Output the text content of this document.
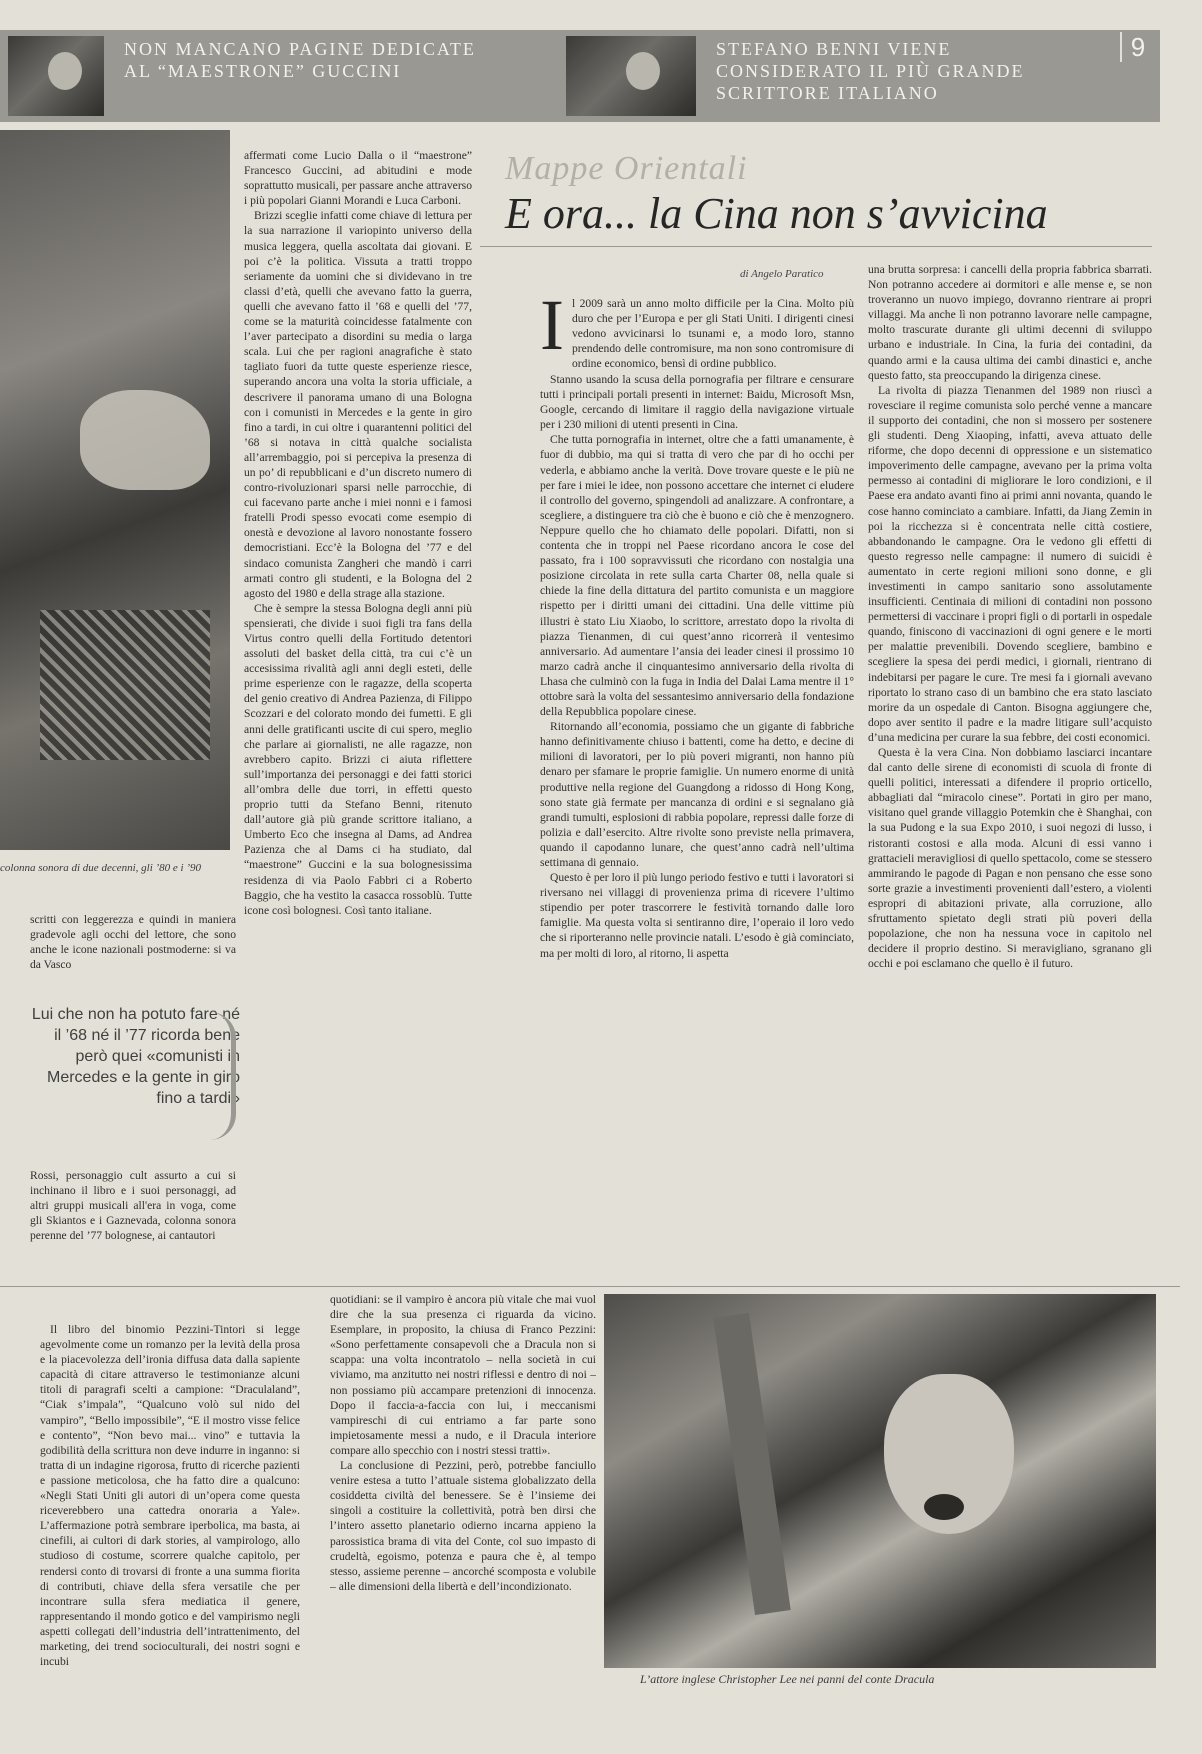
NON MANCANO PAGINE DEDICATE AL “MAESTRONE” GUCCINI
STEFANO BENNI VIENE CONSIDERATO IL PIÙ GRANDE SCRITTORE ITALIANO
9
colonna sonora di due decenni, gli ’80 e i ’90

scritti con leggerezza e quindi in maniera gradevole agli occhi del lettore, che sono anche le icone nazionali postmoderne: si va da Vasco

Lui che non ha potuto fare né il ’68 né il ’77 ricorda bene però quei «comunisti in Mercedes e la gente in giro fino a tardi»

Rossi, personaggio cult assurto a cui si inchinano il libro e i suoi personaggi, ad altri gruppi musicali all'era in voga, come gli Skiantos e i Gaznevada, colonna sonora perenne del ’77 bolognese, ai cantautori

affermati come Lucio Dalla o il “maestrone” Francesco Guccini, ad abitudini e mode soprattutto musicali, per passare anche attraverso i più popolari Gianni Morandi e Luca Carboni.

Brizzi sceglie infatti come chiave di lettura per la sua narrazione il variopinto universo della musica leggera, quella ascoltata dai giovani. E poi c’è la politica. Vissuta a tratti troppo seriamente da uomini che si dividevano in tre classi d’età, quelli che avevano fatto la guerra, quelli che avevano fatto il ’68 e quelli del ’77, come se la maturità coincidesse fatalmente con l’aver partecipato a disordini su media o larga scala. Lui che per ragioni anagrafiche è stato tagliato fuori da tutte queste esperienze riesce, superando ancora una volta la storia ufficiale, a descrivere il panorama umano di una Bologna con i comunisti in Mercedes e la gente in giro fino a tardi, in cui oltre i quarantenni politici del ’68 si notava in città qualche socialista all’arrembaggio, poi si percepiva la presenza di un po’ di repubblicani e d’un discreto numero di contro-rivoluzionari sparsi nelle parrocchie, di cui facevano parte anche i miei nonni e i famosi fratelli Prodi spesso evocati come esempio di onestà e devozione al lavoro nonostante fossero democristiani. Ecc’è la Bologna del ’77 e del sindaco comunista Zangheri che mandò i carri armati contro gli studenti, e la Bologna del 2 agosto del 1980 e della strage alla stazione.

Che è sempre la stessa Bologna degli anni più spensierati, che divide i suoi figli tra fans della Virtus contro quelli della Fortitudo detentori assoluti del basket della città, tra cui c’è un accesissima rivalità agli anni degli esteti, delle prime esperienze con le ragazze, della scoperta del genio creativo di Andrea Pazienza, di Filippo Scozzari e del colorato mondo dei fumetti. E gli anni delle gratificanti uscite di cui spero, meglio che parlare ai giornalisti, ne alle ragazze, non avrebbero capito. Brizzi ci aiuta riflettere sull’importanza dei personaggi e dei fatti storici all’ombra delle due torri, in effetti questo proprio tutti da Stefano Benni, ritenuto dall’autore già più grande scrittore italiano, a Umberto Eco che insegna al Dams, ad Andrea Pazienza che al Dams ci ha studiato, dal “maestrone” Guccini e la sua bolognesissima residenza di via Paolo Fabbri ci a Roberto Baggio, che ha vestito la casacca rossoblù. Tutte icone così bolognesi. Così tanto italiane.

Mappe Orientali
E ora... la Cina non s’avvicina
di Angelo Paratico
I l 2009 sarà un anno molto difficile per la Cina. Molto più duro che per l’Europa e per gli Stati Uniti. I dirigenti cinesi vedono avvicinarsi lo tsunami e, a modo loro, stanno prendendo delle contromisure, ma non sono contromisure di ordine economico, bensì di ordine pubblico.

Stanno usando la scusa della pornografia per filtrare e censurare tutti i principali portali presenti in internet: Baidu, Microsoft Msn, Google, cercando di limitare il raggio della navigazione virtuale per i 230 milioni di utenti presenti in Cina.

Che tutta pornografia in internet, oltre che a fatti umanamente, è fuor di dubbio, ma qui si tratta di vero che par di ho occhi per vederla, e abbiamo anche la verità. Dove trovare queste e le più ne per fare i miei le idee, non possono accettare che internet ci eludere il controllo del governo, spingendoli ad analizzare. A confrontare, a scegliere, a distinguere tra ciò che è buono e ciò che è menzognero. Neppure quello che ho chiamato delle popolari. Difatti, non si contenta che in troppi nel Paese ricordano ancora le cose del passato, fra i 100 sopravvissuti che ricordano con nostalgia una posizione circolata in rete sulla carta Charter 08, nella quale si chiede la fine della dittatura del partito comunista e un maggiore rispetto per i diritti umani dei cittadini. Una delle vittime più illustri è stato Liu Xiaobo, lo scrittore, arrestato dopo la rivolta di piazza Tienanmen, di cui quest’anno ricorrerà il ventesimo anniversario. Ad aumentare l’ansia dei leader cinesi il prossimo 10 marzo cadrà anche il cinquantesimo anniversario della rivolta di Lhasa che culminò con la fuga in India del Dalai Lama mentre il 1° ottobre sarà la volta del sessantesimo anniversario della fondazione della Repubblica popolare cinese.

Ritornando all’economia, possiamo che un gigante di fabbriche hanno definitivamente chiuso i battenti, come ha detto, e decine di milioni di lavoratori, per lo più poveri migranti, non hanno più denaro per sfamare le proprie famiglie. Un numero enorme di unità produttive nella regione del Guangdong a ridosso di Hong Kong, sono state già fermate per mancanza di ordini e si segnalano già grandi tumulti, esplosioni di rabbia popolare, repressi dalle forze di polizia e dall’esercito. Altre rivolte sono previste nella primavera, quando il capodanno lunare, che quest’anno cadrà nell’ultima settimana di gennaio.

Questo è per loro il più lungo periodo festivo e tutti i lavoratori si riversano nei villaggi di provenienza prima di ricevere l’ultimo stipendio per poter trascorrere le festività tornando dalle loro famiglie. Ma questa volta si sentiranno dire, l’operaio il loro vedo che si riporteranno nelle provincie natali. L’esodo è già cominciato, ma per molti di loro, al ritorno, li aspetta

una brutta sorpresa: i cancelli della propria fabbrica sbarrati. Non potranno accedere ai dormitori e alle mense e, se non troveranno un nuovo impiego, dovranno rientrare ai propri villaggi. Ma anche lì non potranno lavorare nelle campagne, molto trascurate durante gli ultimi decenni di sviluppo urbano e industriale. In Cina, la furia dei contadini, da quando armi e la causa ultima dei cambi dinastici e, anche questo fatto, sta preoccupando la dirigenza cinese.

La rivolta di piazza Tienanmen del 1989 non riuscì a rovesciare il regime comunista solo perché venne a mancare il supporto dei contadini, che non si mossero per sostenere gli studenti. Deng Xiaoping, infatti, aveva attuato delle riforme, che dopo decenni di oppressione e un sistematico impoverimento delle campagne, avevano per la prima volta permesso ai contadini di migliorare le loro condizioni, e il Paese era andato avanti fino ai primi anni novanta, quando le cose hanno cominciato a cambiare. Infatti, da Jiang Zemin in poi la ricchezza si è concentrata nelle città costiere, abbandonando le campagne. Ora le vedono gli effetti di questo regresso nelle campagne: il numero di suicidi è aumentato in certe regioni milioni sono donne, e gli investimenti in campo sanitario sono assolutamente insufficienti. Centinaia di milioni di contadini non possono permettersi di vaccinare i propri figli o di portarli in ospedale quando, finiscono di vaccinazioni di ogni genere e le morti per malattie prevenibili. Dovendo scegliere, bambino e scegliere la spesa dei perdi medici, i giornali, rientrano di indebitarsi per pagare le cure. Tre mesi fa i giornali avevano riportato lo strano caso di un bambino che era stato lasciato morire da un ospedale di Canton. Bisogna aggiungere che, dopo aver sentito il padre e la madre litigare sull’acquisto d’una medicina per curare la sua febbre, dei costi economici.

Questa è la vera Cina. Non dobbiamo lasciarci incantare dal canto delle sirene di economisti di scuola di fronte di quelli politici, interessati a difendere il proprio orticello, abbagliati dal “miracolo cinese”. Portati in giro per mano, visitano quel grande villaggio Potemkin che è Shanghai, con la sua Pudong e la sua Expo 2010, i suoi negozi di lusso, i ristoranti costosi e alla moda. Alcuni di essi vanno i grattacieli meravigliosi di quello spettacolo, come se stessero ammirando le pagode di Pagan e non pensano che esse sono sorte grazie a investimenti provenienti dall’estero, a violenti espropri di abitazioni private, alla corruzione, allo sfruttamento spietato degli strati più poveri della popolazione, che non ha nessuna voce in capitolo nel decidere il proprio destino. Si meravigliano, sgranano gli occhi e poi esclamano che quello è il futuro.

Il libro del binomio Pezzini-Tintori si legge agevolmente come un romanzo per la levità della prosa e la piacevolezza dell’ironia diffusa data dalla sapiente capacità di citare attraverso le testimonianze alcuni titoli di paragrafi scelti a campione: “Draculaland”, “Ciak s’impala”, “Qualcuno volò sul nido del vampiro”, “Bello impossibile”, “E il mostro visse felice e contento”, “Non bevo mai... vino” e tuttavia la godibilità della scrittura non deve indurre in inganno: si tratta di un indagine rigorosa, frutto di ricerche pazienti e passione meticolosa, che ha fatto dire a qualcuno: «Negli Stati Uniti gli autori di un’opera come questa riceverebbero una cattedra onoraria a Yale». L’affermazione potrà sembrare iperbolica, ma basta, ai cinefili, ai cultori di dark stories, al vampirologo, allo studioso di costume, scorrere qualche capitolo, per rendersi conto di trovarsi di fronte a una summa fiorita di contributi, chiave della sfera versatile che per incontrare sulla sfera mediatica il genere, rappresentando il mondo gotico e del vampirismo negli aspetti collegati dell’industria dell’intrattenimento, del marketing, dei trend socioculturali, dei nostri sogni e incubi

quotidiani: se il vampiro è ancora più vitale che mai vuol dire che la sua presenza ci riguarda da vicino. Esemplare, in proposito, la chiusa di Franco Pezzini: «Sono perfettamente consapevoli che a Dracula non si scappa: una volta incontratolo – nella società in cui viviamo, ma anzitutto nei nostri riflessi e dentro di noi – non possiamo più accampare pretenzioni di innocenza. Dopo il faccia-a-faccia con lui, i meccanismi vampireschi di cui entriamo a far parte sono impietosamente messi a nudo, e il Dracula interiore compare allo specchio con i nostri stessi tratti».

La conclusione di Pezzini, però, potrebbe fanciullo venire estesa a tutto l’attuale sistema globalizzato della cosiddetta civiltà del benessere. Se è l’insieme dei singoli a costituire la collettività, potrà ben dirsi che l’intero assetto planetario odierno incarna appieno la parossistica brama di vita del Conte, col suo impasto di crudeltà, egoismo, potenza e paura che è, al tempo stesso, assieme perenne – ancorché scomposta e volubile – alle dimensioni della libertà e dell’incondizionato.

L’attore inglese Christopher Lee nei panni del conte Dracula
